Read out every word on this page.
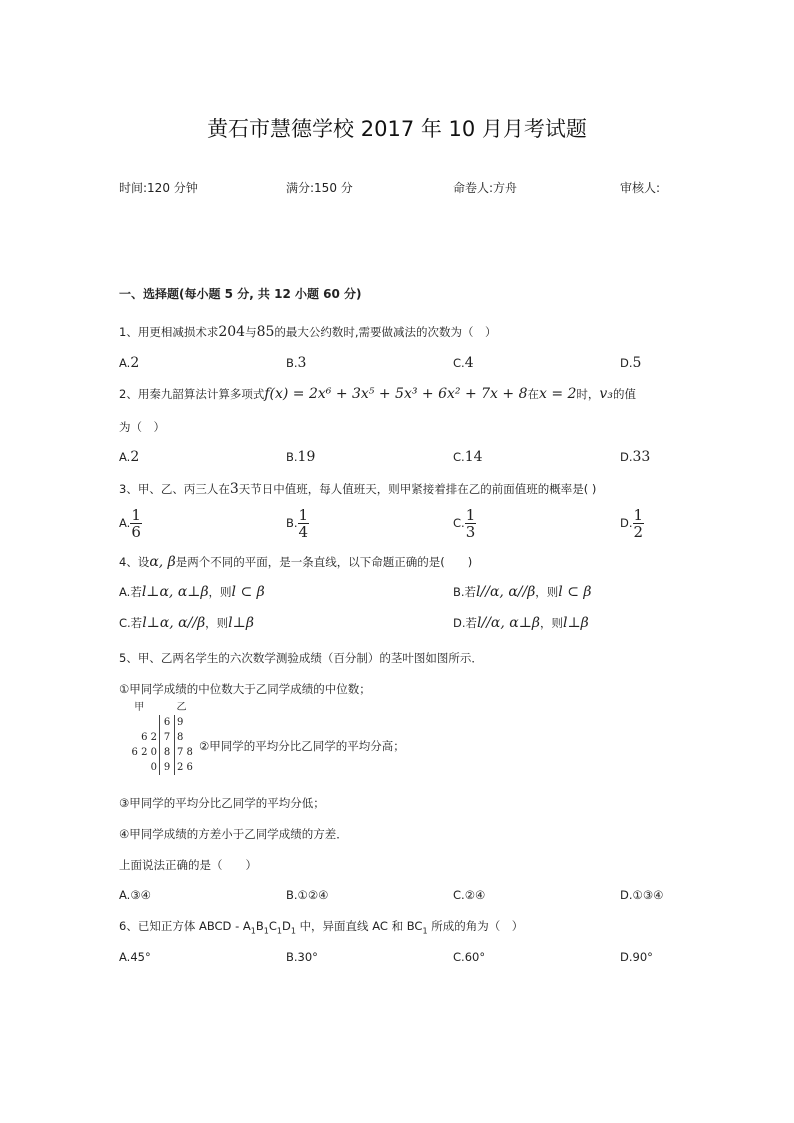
黄石市慧德学校 2017 年 10 月月考试题
时间:120 分钟	满分:150 分	命卷人:方舟	审核人:
一、选择题(每小题 5 分, 共 12 小题 60 分)
1、用更相减损术求204与85的最大公约数时,需要做减法的次数为（　）
A.2	B.3	C.4	D.5
2、用秦九韶算法计算多项式f(x) = 2x⁶ + 3x⁵ + 5x³ + 6x² + 7x + 8在x = 2时，v₃的值
为（　）
A.2	B.19	C.14	D.33
3、甲、乙、丙三人在3天节日中值班，每人值班天，则甲紧接着排在乙的前面值班的概率是( )
A. $\frac{1}{6}$	B. $\frac{1}{4}$	C. $\frac{1}{3}$	D. $\frac{1}{2}$
4、设α, β是两个不同的平面，是一条直线，以下命题正确的是(　　)
A.若l⊥α, α⊥β，则l ⊂ β	B.若l//α, α//β，则l ⊂ β
C.若l⊥α, α//β，则l⊥β	D.若l//α, α⊥β，则l⊥β
5、甲、乙两名学生的六次数学测验成绩（百分制）的茎叶图如图所示．
①甲同学成绩的中位数大于乙同学成绩的中位数；
甲		乙
	6	9
6 2	7	8
6 2 0	8	7 8
0	9	2 6
②甲同学的平均分比乙同学的平均分高；
③甲同学的平均分比乙同学的平均分低；
④甲同学成绩的方差小于乙同学成绩的方差．
上面说法正确的是（　　）
A.③④	B.①②④	C.②④	D.①③④
6、已知正方体 ABCD - $A_1B_1C_1D_1$ 中，异面直线 AC 和 $BC_1$ 所成的角为（　）
A.45°	B.30°	C.60°	D.90°
